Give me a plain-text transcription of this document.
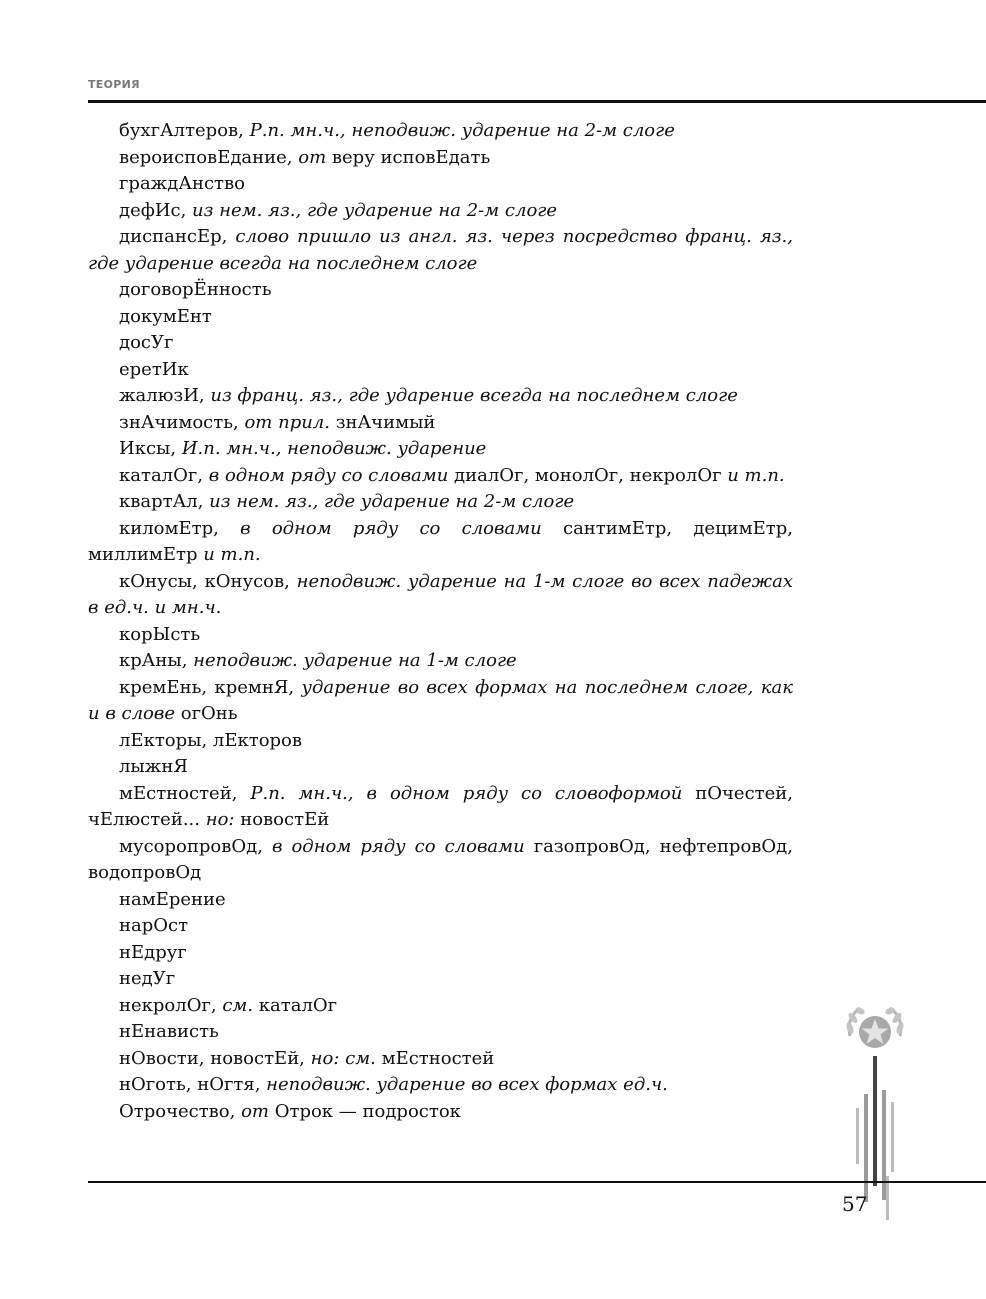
ТЕОРИЯ

бухгАлтеров, Р.п. мн.ч., неподвиж. ударение на 2-м слоге

вероисповЕдание, от веру исповЕдать

граждАнство

дефИс, из нем. яз., где ударение на 2-м слоге

диспансЕр, слово пришло из англ. яз. через посредство франц. яз., где ударение всегда на последнем слоге

договорЁнность

докумЕнт

досУг

еретИк

жалюзИ, из франц. яз., где ударение всегда на последнем слоге

знАчимость, от прил. знАчимый

Иксы, И.п. мн.ч., неподвиж. ударение

каталОг, в одном ряду со словами диалОг, монолОг, некролОг и т.п.

квартАл, из нем. яз., где ударение на 2-м слоге

киломЕтр, в одном ряду со словами сантимЕтр, децимЕтр, миллимЕтр и т.п.

кОнусы, кОнусов, неподвиж. ударение на 1-м слоге во всех падежах в ед.ч. и мн.ч.

корЫсть

крАны, неподвиж. ударение на 1-м слоге

кремЕнь, кремнЯ, ударение во всех формах на последнем слоге, как и в слове огОнь

лЕкторы, лЕкторов

лыжнЯ

мЕстностей, Р.п. мн.ч., в одном ряду со словоформой пОчестей, чЕлюстей... но: новостЕй

мусоропровОд, в одном ряду со словами газопровОд, нефтепровОд, водопровОд

намЕрение

нарОст

нЕдруг

недУг

некролОг, см. каталОг

нЕнависть

нОвости, новостЕй, но: см. мЕстностей

нОготь, нОгтя, неподвиж. ударение во всех формах ед.ч.

Отрочество, от Отрок — подросток

57
